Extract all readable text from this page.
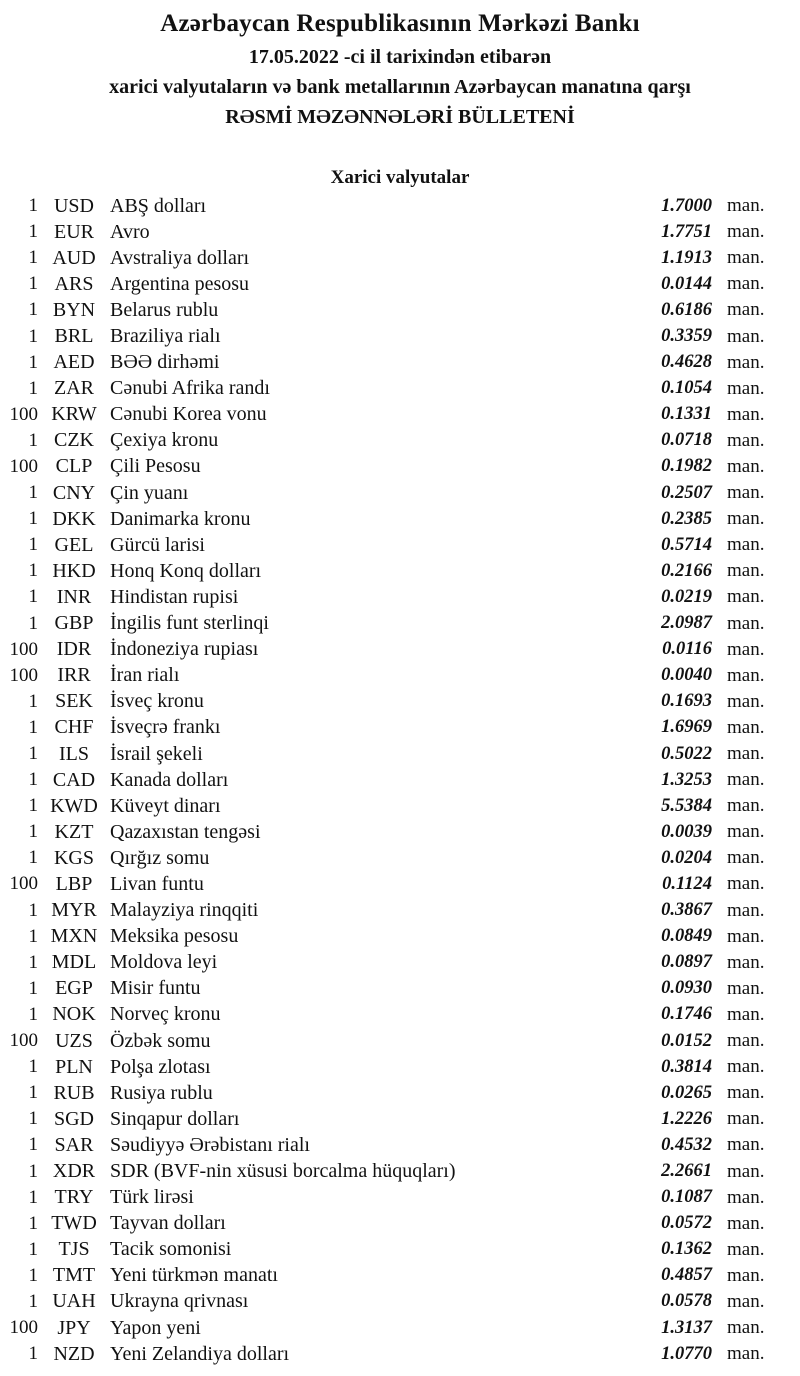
Azərbaycan Respublikasının Mərkəzi Bankı
17.05.2022 -ci il tarixindən etibarən
xarici valyutaların və bank metallarının Azərbaycan manatına qarşı
RƏSMİ MƏZƏNNƏLƏRİ BÜLLETENİ
Xarici valyutalar
1 USD ABŞ dolları	1.7000 man.
1 EUR Avro	1.7751 man.
1 AUD Avstraliya dolları	1.1913 man.
1 ARS Argentina pesosu	0.0144 man.
1 BYN Belarus rublu	0.6186 man.
1 BRL Braziliya rialı	0.3359 man.
1 AED BƏƏ dirhəmi	0.4628 man.
1 ZAR Cənubi Afrika randı	0.1054 man.
100 KRW Cənubi Korea vonu	0.1331 man.
1 CZK Çexiya kronu	0.0718 man.
100 CLP Çili Pesosu	0.1982 man.
1 CNY Çin yuanı	0.2507 man.
1 DKK Danimarka kronu	0.2385 man.
1 GEL Gürcü larisi	0.5714 man.
1 HKD Honq Konq dolları	0.2166 man.
1 INR Hindistan rupisi	0.0219 man.
1 GBP İngilis funt sterlinqi	2.0987 man.
100 IDR İndoneziya rupiası	0.0116 man.
100 IRR İran rialı	0.0040 man.
1 SEK İsveç kronu	0.1693 man.
1 CHF İsveçrə frankı	1.6969 man.
1	ILS	İsrail şekeli	0.5022 man.
1 CAD Kanada dolları	1.3253 man.
1 KWD Küveyt dinarı	5.5384 man.
1 KZT Qazaxıstan tengəsi	0.0039 man.
1 KGS Qırğız somu	0.0204 man.
100 LBP Livan funtu	0.1124 man.
1 MYR Malayziya rinqqiti	0.3867 man.
1 MXN Meksika pesosu	0.0849 man.
1 MDL Moldova leyi	0.0897 man.
1 EGP Misir funtu	0.0930 man.
1 NOK Norveç kronu	0.1746 man.
100 UZS Özbək somu	0.0152 man.
1 PLN Polşa zlotası	0.3814 man.
1 RUB Rusiya rublu	0.0265 man.
1 SGD Sinqapur dolları	1.2226 man.
1 SAR Səudiyyə Ərəbistanı rialı	0.4532 man.
1 XDR SDR (BVF-nin xüsusi borcalma hüquqları)	2.2661 man.
1 TRY Türk lirəsi	0.1087 man.
1 TWD Tayvan dolları	0.0572 man.
1	TJS	Tacik somonisi	0.1362 man.
1 TMT Yeni türkmən manatı	0.4857 man.
1 UAH Ukrayna qrivnası	0.0578 man.
100 JPY Yapon yeni	1.3137 man.
1 NZD Yeni Zelandiya dolları	1.0770 man.
